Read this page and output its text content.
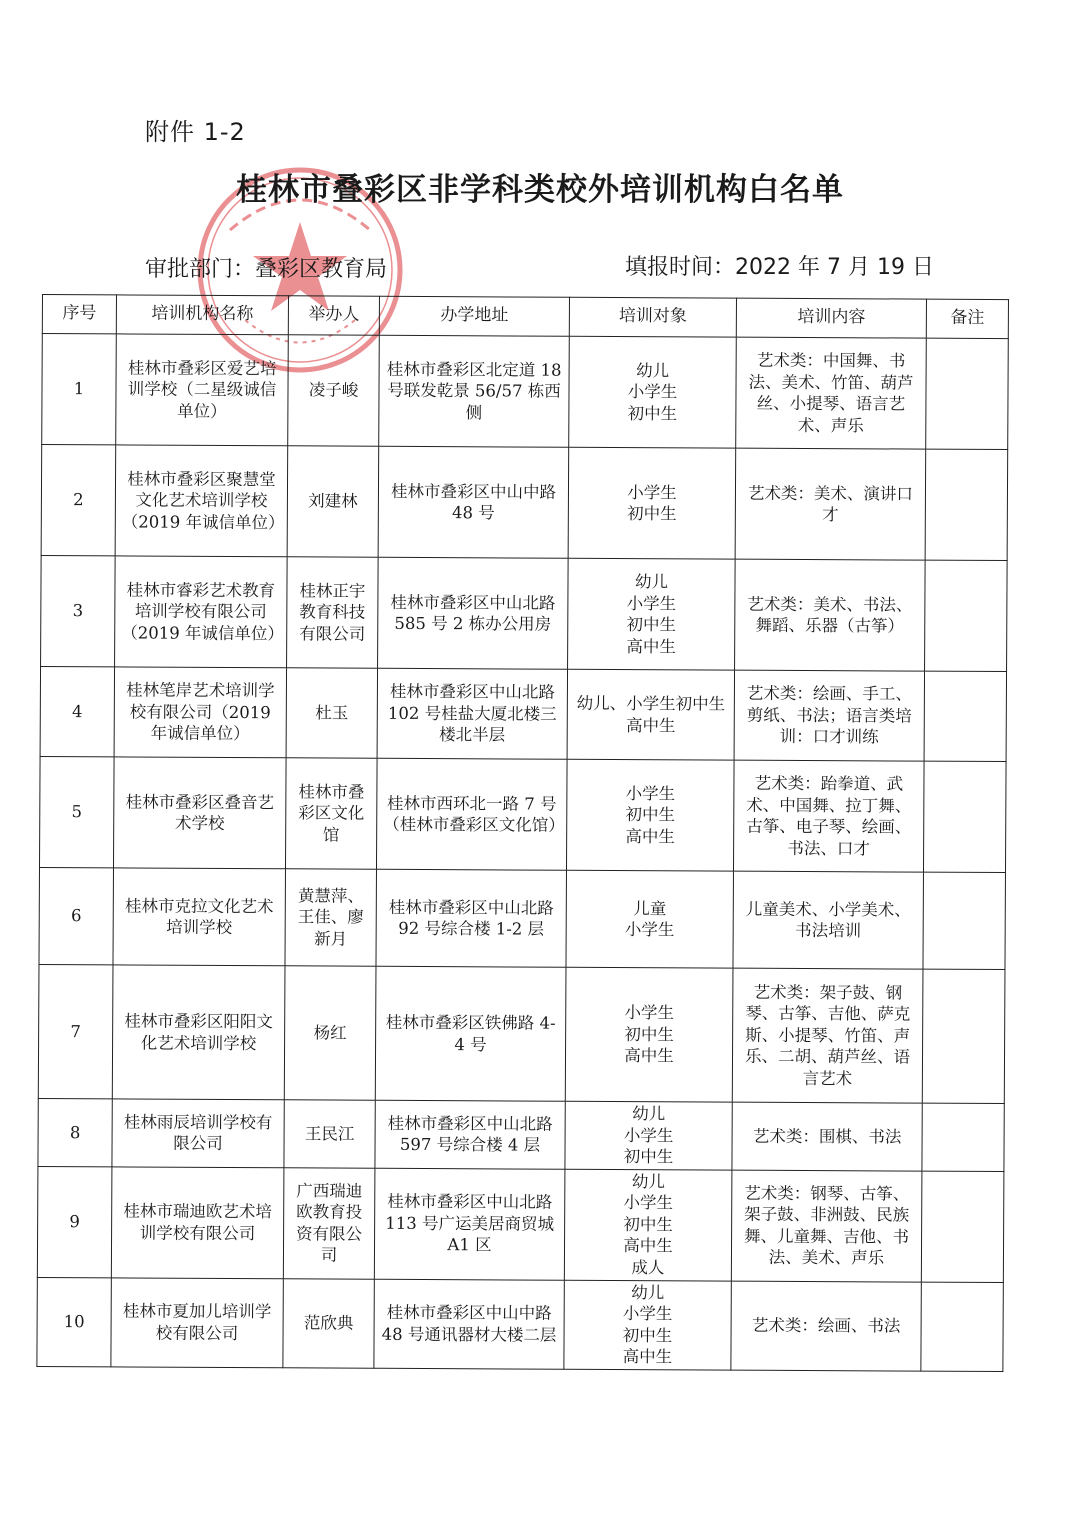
附件 1-2
桂林市叠彩区非学科类校外培训机构白名单
审批部门：叠彩区教育局	填报时间：2022 年 7 月 19 日
序号	培训机构名称	举办人	办学地址	培训对象	培训内容	备注
1	桂林市叠彩区爱艺培训学校（二星级诚信单位）	凌子峻	桂林市叠彩区北定道 18 号联发乾景 56/57 栋西侧	幼儿
小学生
初中生	艺术类：中国舞、书法、美术、竹笛、葫芦丝、小提琴、语言艺术、声乐	
2	桂林市叠彩区聚慧堂文化艺术培训学校（2019 年诚信单位）	刘建林	桂林市叠彩区中山中路 48 号	小学生
初中生	艺术类：美术、演讲口才	
3	桂林市睿彩艺术教育培训学校有限公司（2019 年诚信单位）	桂林正宇教育科技有限公司	桂林市叠彩区中山北路 585 号 2 栋办公用房	幼儿
小学生
初中生
高中生	艺术类：美术、书法、舞蹈、乐器（古筝）	
4	桂林笔岸艺术培训学校有限公司（2019 年诚信单位）	杜玉	桂林市叠彩区中山北路 102 号桂盐大厦北楼三楼北半层	幼儿、小学生初中生
高中生	艺术类：绘画、手工、剪纸、书法；语言类培训：口才训练	
5	桂林市叠彩区叠音艺术学校	桂林市叠彩区文化馆	桂林市西环北一路 7 号（桂林市叠彩区文化馆）	小学生
初中生
高中生	艺术类：跆拳道、武术、中国舞、拉丁舞、古筝、电子琴、绘画、书法、口才	
6	桂林市克拉文化艺术培训学校	黄慧萍、王佳、廖新月	桂林市叠彩区中山北路 92 号综合楼 1-2 层	儿童
小学生	儿童美术、小学美术、书法培训	
7	桂林市叠彩区阳阳文化艺术培训学校	杨红	桂林市叠彩区铁佛路 4-4 号	小学生
初中生
高中生	艺术类：架子鼓、钢琴、古筝、吉他、萨克斯、小提琴、竹笛、声乐、二胡、葫芦丝、语言艺术	
8	桂林雨辰培训学校有限公司	王民江	桂林市叠彩区中山北路 597 号综合楼 4 层	幼儿
小学生
初中生	艺术类：围棋、书法	
9	桂林市瑞迪欧艺术培训学校有限公司	广西瑞迪欧教育投资有限公司	桂林市叠彩区中山北路 113 号广运美居商贸城 A1 区	幼儿
小学生
初中生
高中生
成人	艺术类：钢琴、古筝、架子鼓、非洲鼓、民族舞、儿童舞、吉他、书法、美术、声乐	
10	桂林市夏加儿培训学校有限公司	范欣典	桂林市叠彩区中山中路 48 号通讯器材大楼二层	幼儿
小学生
初中生
高中生	艺术类：绘画、书法	
